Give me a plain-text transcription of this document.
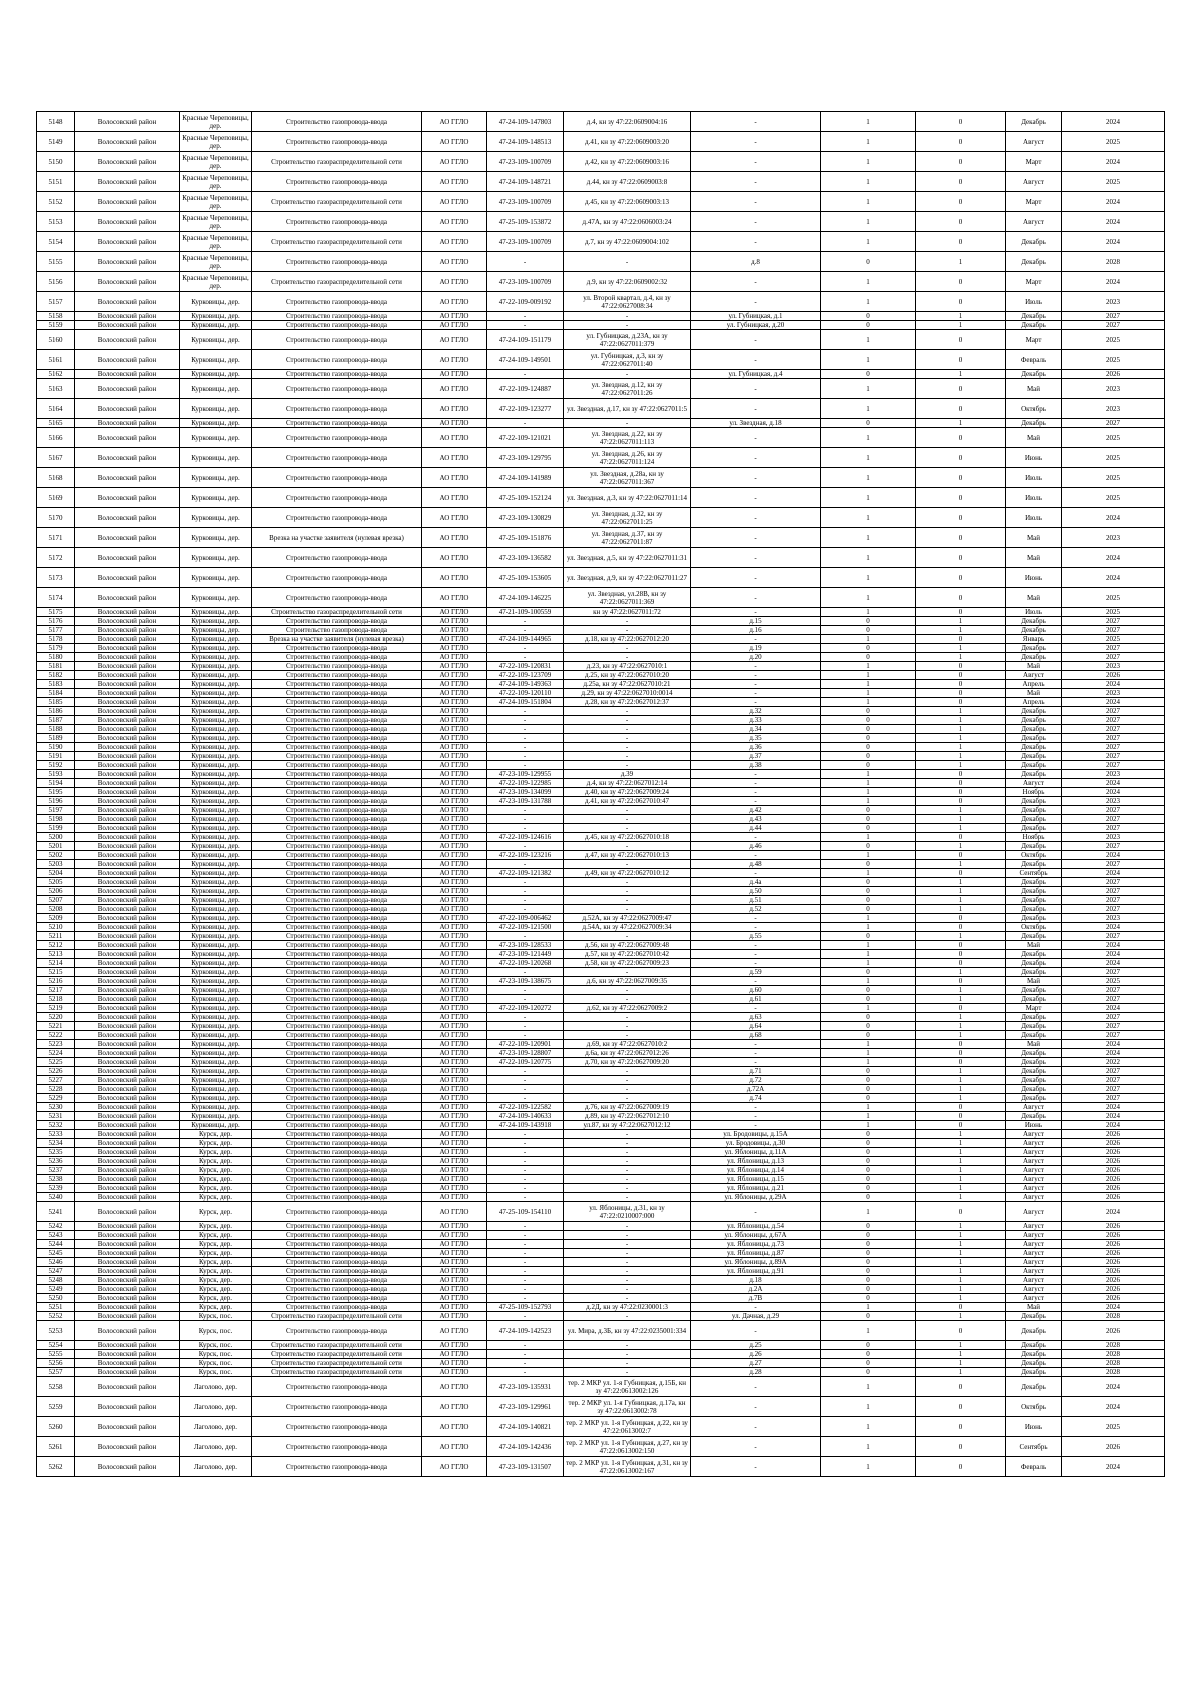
5148	Волосовский район	Красные Череповицы, дер.	Строительство газопровода-ввода	АО ГГЛО	47-24-109-147803	д.4, кн зу 47:22:0609004:16	-	1	0	Декабрь	2024
5149	Волосовский район	Красные Череповицы, дер.	Строительство газопровода-ввода	АО ГГЛО	47-24-109-148513	д.41, кн зу 47:22:0609003:20	-	1	0	Август	2025
5150	Волосовский район	Красные Череповицы, дер.	Строительство газораспределительной сети	АО ГГЛО	47-23-109-100709	д.42, кн зу 47:22:0609003:16	-	1	0	Март	2024
5151	Волосовский район	Красные Череповицы, дер.	Строительство газопровода-ввода	АО ГГЛО	47-24-109-148721	д.44, кн зу 47:22:0609003:8	-	1	0	Август	2025
5152	Волосовский район	Красные Череповицы, дер.	Строительство газораспределительной сети	АО ГГЛО	47-23-109-100709	д.45, кн зу 47:22:0609003:13	-	1	0	Март	2024
5153	Волосовский район	Красные Череповицы, дер.	Строительство газопровода-ввода	АО ГГЛО	47-25-109-153872	д.47А, кн зу 47:22:0606003:24	-	1	0	Август	2024
5154	Волосовский район	Красные Череповицы, дер.	Строительство газораспределительной сети	АО ГГЛО	47-23-109-100709	д.7, кн зу 47:22:0609004:102	-	1	0	Декабрь	2024
5155	Волосовский район	Красные Череповицы, дер.	Строительство газопровода-ввода	АО ГГЛО	-	-	д.8	0	1	Декабрь	2028
5156	Волосовский район	Красные Череповицы, дер.	Строительство газораспределительной сети	АО ГГЛО	47-23-109-100709	д.9, кн зу 47:22:0609002:32	-	1	0	Март	2024
5157	Волосовский район	Курковицы, дер.	Строительство газопровода-ввода	АО ГГЛО	47-22-109-009192	ул. Второй квартал, д.4, кн зу 47:22:0627008:34	-	1	0	Июль	2023
5158	Волосовский район	Курковицы, дер.	Строительство газопровода-ввода	АО ГГЛО	-	-	ул. Губницкая, д.1	0	1	Декабрь	2027
5159	Волосовский район	Курковицы, дер.	Строительство газопровода-ввода	АО ГГЛО	-	-	ул. Губницкая, д.20	0	1	Декабрь	2027
5160	Волосовский район	Курковицы, дер.	Строительство газопровода-ввода	АО ГГЛО	47-24-109-151179	ул. Губницкая, д.23А, кн зу 47:22:0627011:379	-	1	0	Март	2025
5161	Волосовский район	Курковицы, дер.	Строительство газопровода-ввода	АО ГГЛО	47-24-109-149501	ул. Губницкая, д.3, кн зу 47:22:0627011:40	-	1	0	Февраль	2025
5162	Волосовский район	Курковицы, дер.	Строительство газопровода-ввода	АО ГГЛО	-	-	ул. Губницкая, д.4	0	1	Декабрь	2026
5163	Волосовский район	Курковицы, дер.	Строительство газопровода-ввода	АО ГГЛО	47-22-109-124887	ул. Звездная, д.12, кн зу 47:22:0627011:26	-	1	0	Май	2023
5164	Волосовский район	Курковицы, дер.	Строительство газопровода-ввода	АО ГГЛО	47-22-109-123277	ул. Звездная, д.17, кн зу 47:22:0627011:5	-	1	0	Октябрь	2023
5165	Волосовский район	Курковицы, дер.	Строительство газопровода-ввода	АО ГГЛО	-	-	ул. Звездная, д.18	0	1	Декабрь	2027
5166	Волосовский район	Курковицы, дер.	Строительство газопровода-ввода	АО ГГЛО	47-22-109-121021	ул. Звездная, д.22, кн зу 47:22:0627011:113	-	1	0	Май	2025
5167	Волосовский район	Курковицы, дер.	Строительство газопровода-ввода	АО ГГЛО	47-23-109-129795	ул. Звездная, д.26, кн зу 47:22:0627011:124	-	1	0	Июнь	2025
5168	Волосовский район	Курковицы, дер.	Строительство газопровода-ввода	АО ГГЛО	47-24-109-141989	ул. Звездная, д.28а, кн зу 47:22:0627011:367	-	1	0	Июль	2025
5169	Волосовский район	Курковицы, дер.	Строительство газопровода-ввода	АО ГГЛО	47-25-109-152124	ул. Звездная, д.3, кн зу 47:22:0627011:14	-	1	0	Июль	2025
5170	Волосовский район	Курковицы, дер.	Строительство газопровода-ввода	АО ГГЛО	47-23-109-130829	ул. Звездная, д.32, кн зу 47:22:0627011:25	-	1	0	Июль	2024
5171	Волосовский район	Курковицы, дер.	Врезка на участке заявителя (нулевая врезка)	АО ГГЛО	47-25-109-151876	ул. Звездная, д.37, кн зу 47:22:0627011:87	-	1	0	Май	2023
5172	Волосовский район	Курковицы, дер.	Строительство газопровода-ввода	АО ГГЛО	47-23-109-136582	ул. Звездная, д.5, кн зу 47:22:0627011:31	-	1	0	Май	2024
5173	Волосовский район	Курковицы, дер.	Строительство газопровода-ввода	АО ГГЛО	47-25-109-153605	ул. Звездная, д.9, кн зу 47:22:0627011:27	-	1	0	Июнь	2024
5174	Волосовский район	Курковицы, дер.	Строительство газопровода-ввода	АО ГГЛО	47-24-109-146225	ул. Звездная, ул.28В, кн зу 47:22:0627011:369	-	1	0	Май	2025
5175	Волосовский район	Курковицы, дер.	Строительство газораспределительной сети	АО ГГЛО	47-21-109-100559	кн зу 47:22:0627011:72	-	1	0	Июль	2025
5176	Волосовский район	Курковицы, дер.	Строительство газопровода-ввода	АО ГГЛО	-	-	д.15	0	1	Декабрь	2027
5177	Волосовский район	Курковицы, дер.	Строительство газопровода-ввода	АО ГГЛО	-	-	д.16	0	1	Декабрь	2027
5178	Волосовский район	Курковицы, дер.	Врезка на участке заявителя (нулевая врезка)	АО ГГЛО	47-24-109-144965	д.18, кн зу 47:22:0627012:20	-	1	0	Январь	2025
5179	Волосовский район	Курковицы, дер.	Строительство газопровода-ввода	АО ГГЛО	-	-	д.19	0	1	Декабрь	2027
5180	Волосовский район	Курковицы, дер.	Строительство газопровода-ввода	АО ГГЛО	-	-	д.20	0	1	Декабрь	2027
5181	Волосовский район	Курковицы, дер.	Строительство газопровода-ввода	АО ГГЛО	47-22-109-120831	д.23, кн зу 47:22:0627010:1	-	1	0	Май	2023
5182	Волосовский район	Курковицы, дер.	Строительство газопровода-ввода	АО ГГЛО	47-22-109-123709	д.25, кн зу 47:22:0627010:20	-	1	0	Август	2026
5183	Волосовский район	Курковицы, дер.	Строительство газопровода-ввода	АО ГГЛО	47-24-109-149363	д.25а, кн зу 47:22:0627010:21	-	1	0	Апрель	2024
5184	Волосовский район	Курковицы, дер.	Строительство газопровода-ввода	АО ГГЛО	47-22-109-120110	д.29, кн зу 47:22:0627010:0014	-	1	0	Май	2023
5185	Волосовский район	Курковицы, дер.	Строительство газопровода-ввода	АО ГГЛО	47-24-109-151804	д.28, кн зу 47:22:0627012:37	-	1	0	Апрель	2024
5186	Волосовский район	Курковицы, дер.	Строительство газопровода-ввода	АО ГГЛО	-	-	д.32	0	1	Декабрь	2027
5187	Волосовский район	Курковицы, дер.	Строительство газопровода-ввода	АО ГГЛО	-	-	д.33	0	1	Декабрь	2027
5188	Волосовский район	Курковицы, дер.	Строительство газопровода-ввода	АО ГГЛО	-	-	д.34	0	1	Декабрь	2027
5189	Волосовский район	Курковицы, дер.	Строительство газопровода-ввода	АО ГГЛО	-	-	д.35	0	1	Декабрь	2027
5190	Волосовский район	Курковицы, дер.	Строительство газопровода-ввода	АО ГГЛО	-	-	д.36	0	1	Декабрь	2027
5191	Волосовский район	Курковицы, дер.	Строительство газопровода-ввода	АО ГГЛО	-	-	д.37	0	1	Декабрь	2027
5192	Волосовский район	Курковицы, дер.	Строительство газопровода-ввода	АО ГГЛО	-	-	д.38	0	1	Декабрь	2027
5193	Волосовский район	Курковицы, дер.	Строительство газопровода-ввода	АО ГГЛО	47-23-109-129955	д.39	-	1	0	Декабрь	2023
5194	Волосовский район	Курковицы, дер.	Строительство газопровода-ввода	АО ГГЛО	47-22-109-122985	д.4, кн зу 47:22:0627012:14	-	1	0	Август	2024
5195	Волосовский район	Курковицы, дер.	Строительство газопровода-ввода	АО ГГЛО	47-23-109-134099	д.40, кн зу 47:22:0627009:24	-	1	0	Ноябрь	2024
5196	Волосовский район	Курковицы, дер.	Строительство газопровода-ввода	АО ГГЛО	47-23-109-131788	д.41, кн зу 47:22:0627010:47	-	1	0	Декабрь	2023
5197	Волосовский район	Курковицы, дер.	Строительство газопровода-ввода	АО ГГЛО	-	-	д.42	0	1	Декабрь	2027
5198	Волосовский район	Курковицы, дер.	Строительство газопровода-ввода	АО ГГЛО	-	-	д.43	0	1	Декабрь	2027
5199	Волосовский район	Курковицы, дер.	Строительство газопровода-ввода	АО ГГЛО	-	-	д.44	0	1	Декабрь	2027
5200	Волосовский район	Курковицы, дер.	Строительство газопровода-ввода	АО ГГЛО	47-22-109-124616	д.45, кн зу 47:22:0627010:18	-	1	0	Ноябрь	2023
5201	Волосовский район	Курковицы, дер.	Строительство газопровода-ввода	АО ГГЛО	-	-	д.46	0	1	Декабрь	2027
5202	Волосовский район	Курковицы, дер.	Строительство газопровода-ввода	АО ГГЛО	47-22-109-123216	д.47, кн зу 47:22:0627010:13	-	1	0	Октябрь	2024
5203	Волосовский район	Курковицы, дер.	Строительство газопровода-ввода	АО ГГЛО	-	-	д.48	0	1	Декабрь	2027
5204	Волосовский район	Курковицы, дер.	Строительство газопровода-ввода	АО ГГЛО	47-22-109-121382	д.49, кн зу 47:22:0627010:12	-	1	0	Сентябрь	2024
5205	Волосовский район	Курковицы, дер.	Строительство газопровода-ввода	АО ГГЛО	-	-	д.4а	0	1	Декабрь	2027
5206	Волосовский район	Курковицы, дер.	Строительство газопровода-ввода	АО ГГЛО	-	-	д.50	0	1	Декабрь	2027
5207	Волосовский район	Курковицы, дер.	Строительство газопровода-ввода	АО ГГЛО	-	-	д.51	0	1	Декабрь	2027
5208	Волосовский район	Курковицы, дер.	Строительство газопровода-ввода	АО ГГЛО	-	-	д.52	0	1	Декабрь	2027
5209	Волосовский район	Курковицы, дер.	Строительство газопровода-ввода	АО ГГЛО	47-22-109-006462	д.52А, кн зу 47:22:0627009:47	-	1	0	Декабрь	2023
5210	Волосовский район	Курковицы, дер.	Строительство газопровода-ввода	АО ГГЛО	47-22-109-121500	д.54А, кн зу 47:22:0627009:34	-	1	0	Октябрь	2024
5211	Волосовский район	Курковицы, дер.	Строительство газопровода-ввода	АО ГГЛО	-	-	д.55	0	1	Декабрь	2027
5212	Волосовский район	Курковицы, дер.	Строительство газопровода-ввода	АО ГГЛО	47-23-109-128533	д.56, кн зу 47:22:0627009:48	-	1	0	Май	2024
5213	Волосовский район	Курковицы, дер.	Строительство газопровода-ввода	АО ГГЛО	47-23-109-121449	д.57, кн зу 47:22:0627010:42	-	1	0	Декабрь	2024
5214	Волосовский район	Курковицы, дер.	Строительство газопровода-ввода	АО ГГЛО	47-22-109-120268	д.58, кн зу 47:22:0627009:23	-	1	0	Декабрь	2024
5215	Волосовский район	Курковицы, дер.	Строительство газопровода-ввода	АО ГГЛО	-	-	д.59	0	1	Декабрь	2027
5216	Волосовский район	Курковицы, дер.	Строительство газопровода-ввода	АО ГГЛО	47-23-109-138675	д.6, кн зу 47:22:0627009:35	-	1	0	Май	2025
5217	Волосовский район	Курковицы, дер.	Строительство газопровода-ввода	АО ГГЛО	-	-	д.60	0	1	Декабрь	2027
5218	Волосовский район	Курковицы, дер.	Строительство газопровода-ввода	АО ГГЛО	-	-	д.61	0	1	Декабрь	2027
5219	Волосовский район	Курковицы, дер.	Строительство газопровода-ввода	АО ГГЛО	47-22-109-120272	д.62, кн зу 47:22:0627009:2	-	1	0	Март	2024
5220	Волосовский район	Курковицы, дер.	Строительство газопровода-ввода	АО ГГЛО	-	-	д.63	0	1	Декабрь	2027
5221	Волосовский район	Курковицы, дер.	Строительство газопровода-ввода	АО ГГЛО	-	-	д.64	0	1	Декабрь	2027
5222	Волосовский район	Курковицы, дер.	Строительство газопровода-ввода	АО ГГЛО	-	-	д.68	0	1	Декабрь	2027
5223	Волосовский район	Курковицы, дер.	Строительство газопровода-ввода	АО ГГЛО	47-22-109-120901	д.69, кн зу 47:22:0627010:2	-	1	0	Май	2024
5224	Волосовский район	Курковицы, дер.	Строительство газопровода-ввода	АО ГГЛО	47-23-109-128807	д.6а, кн зу 47:22:0627012:26	-	1	0	Декабрь	2024
5225	Волосовский район	Курковицы, дер.	Строительство газопровода-ввода	АО ГГЛО	47-22-109-120775	д.70, кн зу 47:22:0627009:20	-	1	0	Декабрь	2022
5226	Волосовский район	Курковицы, дер.	Строительство газопровода-ввода	АО ГГЛО	-	-	д.71	0	1	Декабрь	2027
5227	Волосовский район	Курковицы, дер.	Строительство газопровода-ввода	АО ГГЛО	-	-	д.72	0	1	Декабрь	2027
5228	Волосовский район	Курковицы, дер.	Строительство газопровода-ввода	АО ГГЛО	-	-	д.72А	0	1	Декабрь	2027
5229	Волосовский район	Курковицы, дер.	Строительство газопровода-ввода	АО ГГЛО	-	-	д.74	0	1	Декабрь	2027
5230	Волосовский район	Курковицы, дер.	Строительство газопровода-ввода	АО ГГЛО	47-22-109-122582	д.76, кн зу 47:22:0627009:19	-	1	0	Август	2024
5231	Волосовский район	Курковицы, дер.	Строительство газопровода-ввода	АО ГГЛО	47-24-109-140633	д.89, кн зу 47:22:0627012:10	-	1	0	Декабрь	2024
5232	Волосовский район	Курковицы, дер.	Строительство газопровода-ввода	АО ГГЛО	47-24-109-143918	ул.87, кн зу 47:22:0627012:12	-	1	0	Июнь	2024
5233	Волосовский район	Курск, дер.	Строительство газопровода-ввода	АО ГГЛО	-	-	ул. Бродовицы, д.15А	0	1	Август	2026
5234	Волосовский район	Курск, дер.	Строительство газопровода-ввода	АО ГГЛО	-	-	ул. Бродовицы, д.30	0	1	Август	2026
5235	Волосовский район	Курск, дер.	Строительство газопровода-ввода	АО ГГЛО	-	-	ул. Яблоницы, д.11А	0	1	Август	2026
5236	Волосовский район	Курск, дер.	Строительство газопровода-ввода	АО ГГЛО	-	-	ул. Яблоницы, д.13	0	1	Август	2026
5237	Волосовский район	Курск, дер.	Строительство газопровода-ввода	АО ГГЛО	-	-	ул. Яблоницы, д.14	0	1	Август	2026
5238	Волосовский район	Курск, дер.	Строительство газопровода-ввода	АО ГГЛО	-	-	ул. Яблоницы, д.15	0	1	Август	2026
5239	Волосовский район	Курск, дер.	Строительство газопровода-ввода	АО ГГЛО	-	-	ул. Яблоницы, д.21	0	1	Август	2026
5240	Волосовский район	Курск, дер.	Строительство газопровода-ввода	АО ГГЛО	-	-	ул. Яблоницы, д.29А	0	1	Август	2026
5241	Волосовский район	Курск, дер.	Строительство газопровода-ввода	АО ГГЛО	47-25-109-154110	ул. Яблоницы, д.31, кн зу 47:22:0210007:000	-	1	0	Август	2024
5242	Волосовский район	Курск, дер.	Строительство газопровода-ввода	АО ГГЛО	-	-	ул. Яблоницы, д.54	0	1	Август	2026
5243	Волосовский район	Курск, дер.	Строительство газопровода-ввода	АО ГГЛО	-	-	ул. Яблоницы, д.67А	0	1	Август	2026
5244	Волосовский район	Курск, дер.	Строительство газопровода-ввода	АО ГГЛО	-	-	ул. Яблоницы, д.73	0	1	Август	2026
5245	Волосовский район	Курск, дер.	Строительство газопровода-ввода	АО ГГЛО	-	-	ул. Яблоницы, д.87	0	1	Август	2026
5246	Волосовский район	Курск, дер.	Строительство газопровода-ввода	АО ГГЛО	-	-	ул. Яблоницы, д.89А	0	1	Август	2026
5247	Волосовский район	Курск, дер.	Строительство газопровода-ввода	АО ГГЛО	-	-	ул. Яблоницы, д.91	0	1	Август	2026
5248	Волосовский район	Курск, дер.	Строительство газопровода-ввода	АО ГГЛО	-	-	д.18	0	1	Август	2026
5249	Волосовский район	Курск, дер.	Строительство газопровода-ввода	АО ГГЛО	-	-	д.2А	0	1	Август	2026
5250	Волосовский район	Курск, дер.	Строительство газопровода-ввода	АО ГГЛО	-	-	д.7В	0	1	Август	2026
5251	Волосовский район	Курск, дер.	Строительство газопровода-ввода	АО ГГЛО	47-25-109-152793	д.2Д, кн зу 47:22:0230001:3	-	1	0	Май	2024
5252	Волосовский район	Курск, пос.	Строительство газораспределительной сети	АО ГГЛО	-	-	ул. Дачная, д.29	0	1	Декабрь	2028
5253	Волосовский район	Курск, пос.	Строительство газопровода-ввода	АО ГГЛО	47-24-109-142523	ул. Мира, д.3Б, кн зу 47:22:0235001:334	-	1	0	Декабрь	2026
5254	Волосовский район	Курск, пос.	Строительство газораспределительной сети	АО ГГЛО	-	-	д.25	0	1	Декабрь	2028
5255	Волосовский район	Курск, пос.	Строительство газораспределительной сети	АО ГГЛО	-	-	д.26	0	1	Декабрь	2028
5256	Волосовский район	Курск, пос.	Строительство газораспределительной сети	АО ГГЛО	-	-	д.27	0	1	Декабрь	2028
5257	Волосовский район	Курск, пос.	Строительство газораспределительной сети	АО ГГЛО	-	-	д.28	0	1	Декабрь	2028
5258	Волосовский район	Лаголово, дер.	Строительство газопровода-ввода	АО ГГЛО	47-23-109-135931	тер. 2 МКР ул. 1-я Губницкая, д.15Б, кн зу 47:22:0613002:126	-	1	0	Декабрь	2024
5259	Волосовский район	Лаголово, дер.	Строительство газопровода-ввода	АО ГГЛО	47-23-109-129961	тер. 2 МКР ул. 1-я Губницкая, д.17а, кн зу 47:22:0613002:78	-	1	0	Октябрь	2024
5260	Волосовский район	Лаголово, дер.	Строительство газопровода-ввода	АО ГГЛО	47-24-109-140821	тер. 2 МКР ул. 1-я Губницкая, д.22, кн зу 47:22:0613002:7	-	1	0	Июнь	2025
5261	Волосовский район	Лаголово, дер.	Строительство газопровода-ввода	АО ГГЛО	47-24-109-142436	тер. 2 МКР ул. 1-я Губницкая, д.27, кн зу 47:22:0613002:150	-	1	0	Сентябрь	2026
5262	Волосовский район	Лаголово, дер.	Строительство газопровода-ввода	АО ГГЛО	47-23-109-131507	тер. 2 МКР ул. 1-я Губницкая, д.31, кн зу 47:22:0613002:167	-	1	0	Февраль	2024
